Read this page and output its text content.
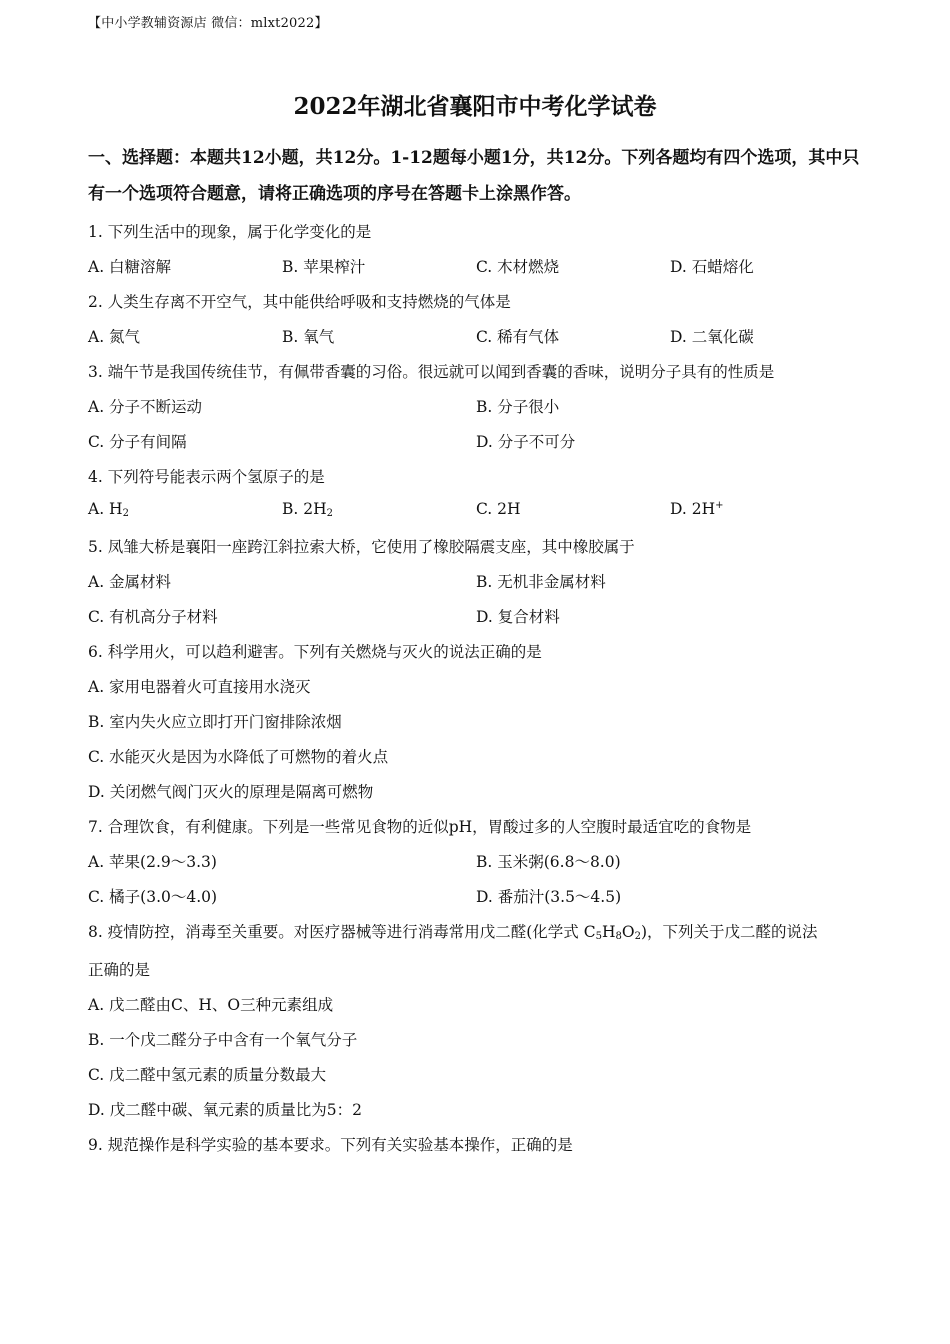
【中小学教辅资源店 微信：mlxt2022】
2022年湖北省襄阳市中考化学试卷
一、选择题：本题共12小题，共12分。1-12题每小题1分，共12分。下列各题均有四个选项，其中只有一个选项符合题意，请将正确选项的序号在答题卡上涂黑作答。
1. 下列生活中的现象，属于化学变化的是
A. 白糖溶解	B. 苹果榨汁	C. 木材燃烧	D. 石蜡熔化
2. 人类生存离不开空气，其中能供给呼吸和支持燃烧的气体是
A. 氮气	B. 氧气	C. 稀有气体	D. 二氧化碳
3. 端午节是我国传统佳节，有佩带香囊的习俗。很远就可以闻到香囊的香味，说明分子具有的性质是
A. 分子不断运动	B. 分子很小
C. 分子有间隔	D. 分子不可分
4. 下列符号能表示两个氢原子的是
A. $H_2$	B. $2H_2$	C. 2H	D. 2H+
5. 凤雏大桥是襄阳一座跨江斜拉索大桥，它使用了橡胶隔震支座，其中橡胶属于
A. 金属材料	B. 无机非金属材料
C. 有机高分子材料	D. 复合材料
6. 科学用火，可以趋利避害。下列有关燃烧与灭火的说法正确的是
A. 家用电器着火可直接用水浇灭
B. 室内失火应立即打开门窗排除浓烟
C. 水能灭火是因为水降低了可燃物的着火点
D. 关闭燃气阀门灭火的原理是隔离可燃物
7. 合理饮食，有利健康。下列是一些常见食物的近似pH，胃酸过多的人空腹时最适宜吃的食物是
A. 苹果(2.9～3.3)	B. 玉米粥(6.8～8.0)
C. 橘子(3.0～4.0)	D. 番茄汁(3.5～4.5)
8. 疫情防控，消毒至关重要。对医疗器械等进行消毒常用戊二醛(化学式 $C_5H_8O_2$)，下列关于戊二醛的说法
正确的是
A. 戊二醛由C、H、O三种元素组成
B. 一个戊二醛分子中含有一个氧气分子
C. 戊二醛中氢元素的质量分数最大
D. 戊二醛中碳、氧元素的质量比为5：2
9. 规范操作是科学实验的基本要求。下列有关实验基本操作，正确的是
